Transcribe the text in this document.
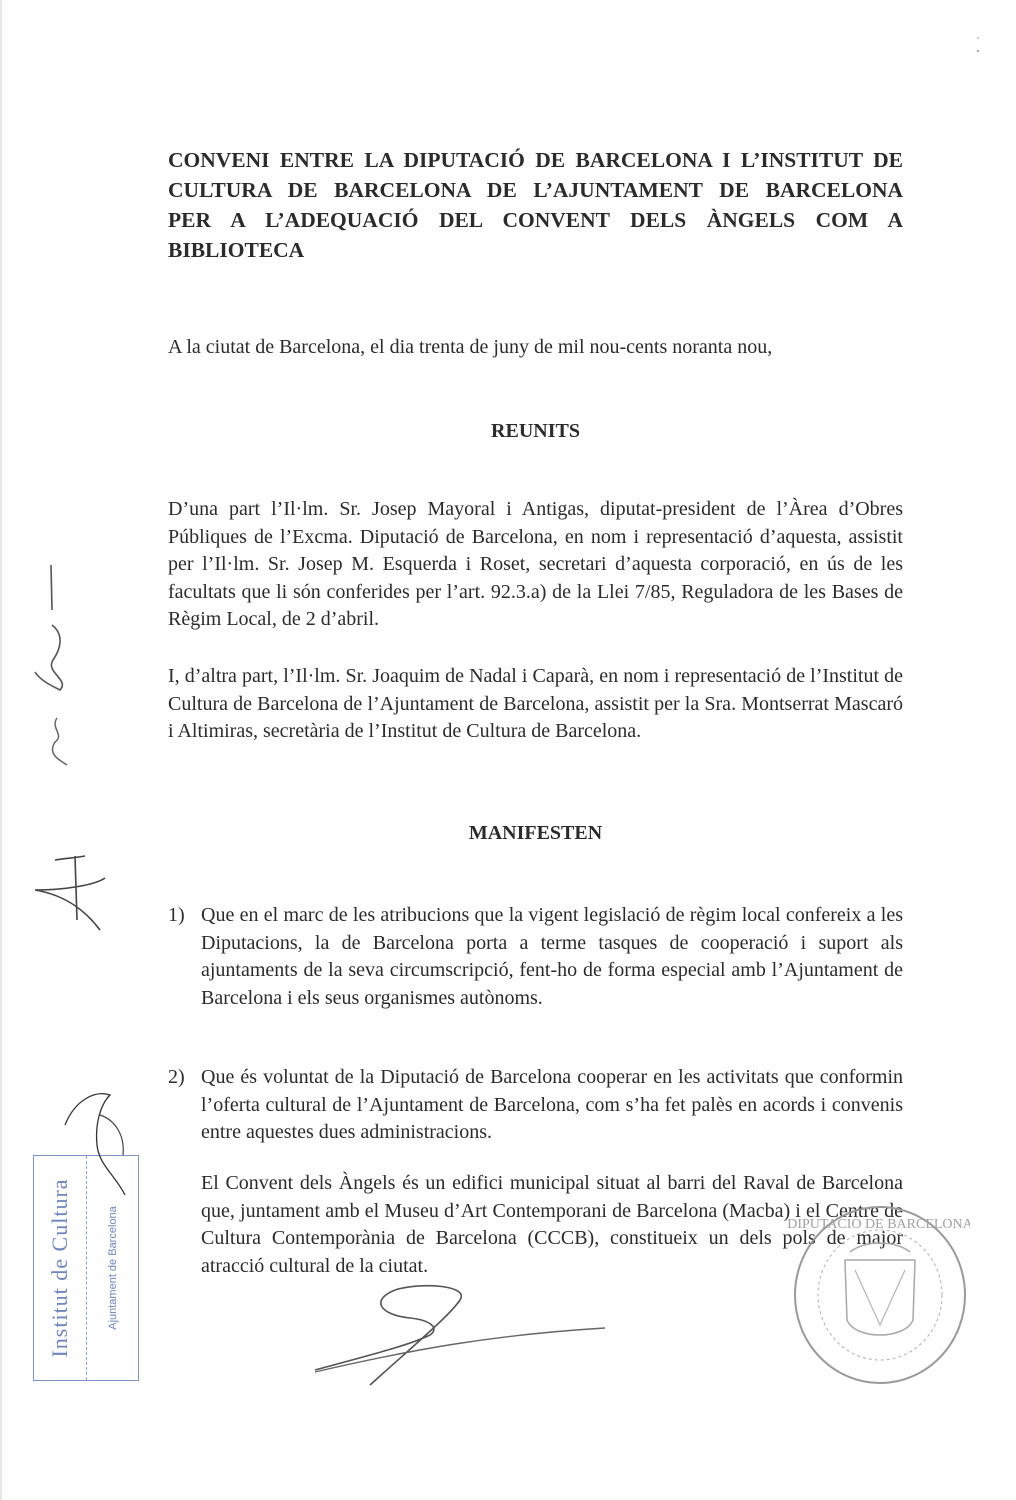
CONVENI ENTRE LA DIPUTACIÓ DE BARCELONA I L’INSTITUT DE
CULTURA DE BARCELONA DE L’AJUNTAMENT DE BARCELONA
PER A L’ADEQUACIÓ DEL CONVENT DELS ÀNGELS COM A
BIBLIOTECA
A la ciutat de Barcelona, el dia trenta de juny de mil nou-cents noranta nou,
REUNITS
D’una part l’Il·lm. Sr. Josep Mayoral i Antigas, diputat-president de l’Àrea d’Obres Públiques de l’Excma. Diputació de Barcelona, en nom i representació d’aquesta, assistit per l’Il·lm. Sr. Josep M. Esquerda i Roset, secretari d’aquesta corporació, en ús de les facultats que li són conferides per l’art. 92.3.a) de la Llei 7/85, Reguladora de les Bases de Règim Local, de 2 d’abril.
I, d’altra part, l’Il·lm. Sr. Joaquim de Nadal i Caparà, en nom i representació de l’Institut de Cultura de Barcelona de l’Ajuntament de Barcelona, assistit per la Sra. Montserrat Mascaró i Altimiras, secretària de l’Institut de Cultura de Barcelona.
MANIFESTEN
1) Que en el marc de les atribucions que la vigent legislació de règim local confereix a les Diputacions, la de Barcelona porta a terme tasques de cooperació i suport als ajuntaments de la seva circumscripció, fent-ho de forma especial amb l’Ajuntament de Barcelona i els seus organismes autònoms.
2) Que és voluntat de la Diputació de Barcelona cooperar en les activitats que conformin l’oferta cultural de l’Ajuntament de Barcelona, com s’ha fet palès en acords i convenis entre aquestes dues administracions.
El Convent dels Àngels és un edifici municipal situat al barri del Raval de Barcelona que, juntament amb el Museu d’Art Contemporani de Barcelona (Macba) i el Centre de Cultura Contemporània de Barcelona (CCCB), constitueix un dels pols de major atracció cultural de la ciutat.
Institut de Cultura	Ajuntament de Barcelona	DIPUTACIÓ DE BARCELONA
